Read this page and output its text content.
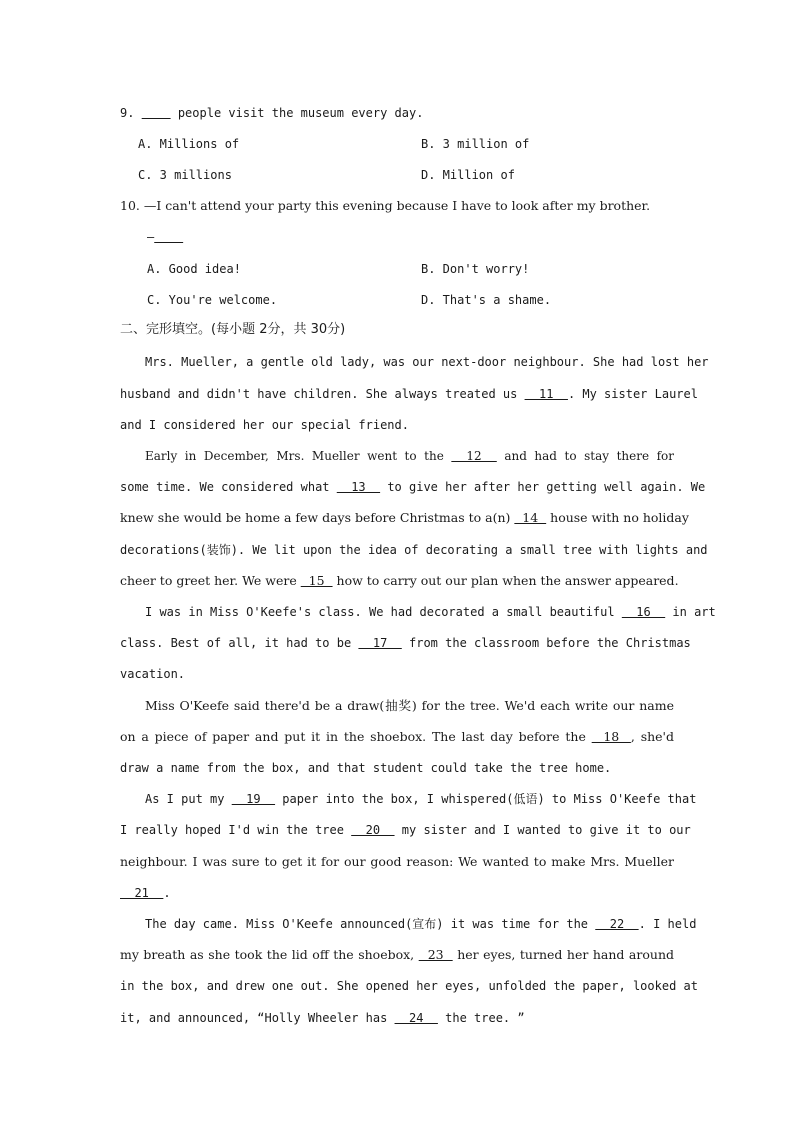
9.      people visit the museum every day.
A. Millions of	B. 3 million of
C. 3 millions	D. Million of
10. —I can't attend your party this evening because I have to look after my brother.
—
A. Good idea!	B. Don't worry!
C. You're welcome.	D. That's a shame.
二、完形填空。(每小题 2分，共 30分)
Mrs. Mueller, a gentle old lady, was our next-door neighbour. She had lost her
husband and didn't have children. She always treated us   11  . My sister Laurel
and I considered her our special friend.
Early in December, Mrs. Mueller went to the   12   and had to stay there for
some time. We considered what   13   to give her after her getting well again. We
knew she would be home a few days before Christmas to a(n)   14   house with no holiday
decorations(装饰). We lit upon the idea of decorating a small tree with lights and
cheer to greet her. We were   15   how to carry out our plan when the answer appeared.
I was in Miss O'Keefe's class. We had decorated a small beautiful   16   in art
class. Best of all, it had to be   17   from the classroom before the Christmas
vacation.
Miss O'Keefe said there'd be a draw(抽奖) for the tree. We'd each write our name
on a piece of paper and put it in the shoebox. The last day before the   18  , she'd
draw a name from the box, and that student could take the tree home.
As I put my   19   paper into the box, I whispered(低语) to Miss O'Keefe that
I really hoped I'd win the tree   20   my sister and I wanted to give it to our
neighbour. I was sure to get it for our good reason: We wanted to make Mrs. Mueller
21  .
The day came. Miss O'Keefe announced(宣布) it was time for the   22  . I held
my breath as she took the lid off the shoebox,   23   her eyes, turned her hand around
in the box, and drew one out. She opened her eyes, unfolded the paper, looked at
it, and announced, “Holly Wheeler has   24   the tree. ”
